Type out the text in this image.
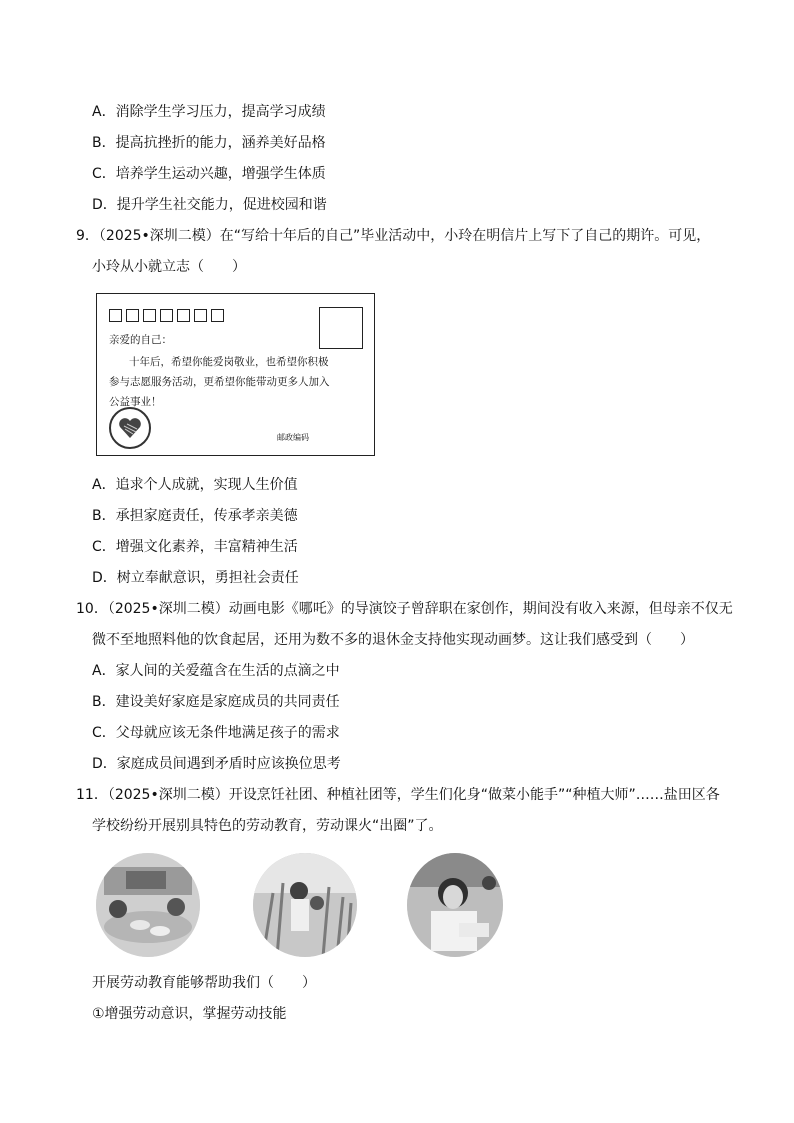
A．消除学生学习压力，提高学习成绩
B．提高抗挫折的能力，涵养美好品格
C．培养学生运动兴趣，增强学生体质
D．提升学生社交能力，促进校园和谐
9．（2025•深圳二模）在“写给十年后的自己”毕业活动中，小玲在明信片上写下了自己的期许。可见，
小玲从小就立志（　　）
亲爱的自己：
十年后，希望你能爱岗敬业，也希望你积极
参与志愿服务活动，更希望你能带动更多人加入
公益事业！
邮政编码
A．追求个人成就，实现人生价值
B．承担家庭责任，传承孝亲美德
C．增强文化素养，丰富精神生活
D．树立奉献意识，勇担社会责任
10．（2025•深圳二模）动画电影《哪吒》的导演饺子曾辞职在家创作，期间没有收入来源，但母亲不仅无
微不至地照料他的饮食起居，还用为数不多的退休金支持他实现动画梦。这让我们感受到（　　）
A．家人间的关爱蕴含在生活的点滴之中
B．建设美好家庭是家庭成员的共同责任
C．父母就应该无条件地满足孩子的需求
D．家庭成员间遇到矛盾时应该换位思考
11．（2025•深圳二模）开设烹饪社团、种植社团等，学生们化身“做菜小能手”“种植大师”……盐田区各
学校纷纷开展别具特色的劳动教育，劳动课火“出圈”了。
开展劳动教育能够帮助我们（　　）
①增强劳动意识，掌握劳动技能
